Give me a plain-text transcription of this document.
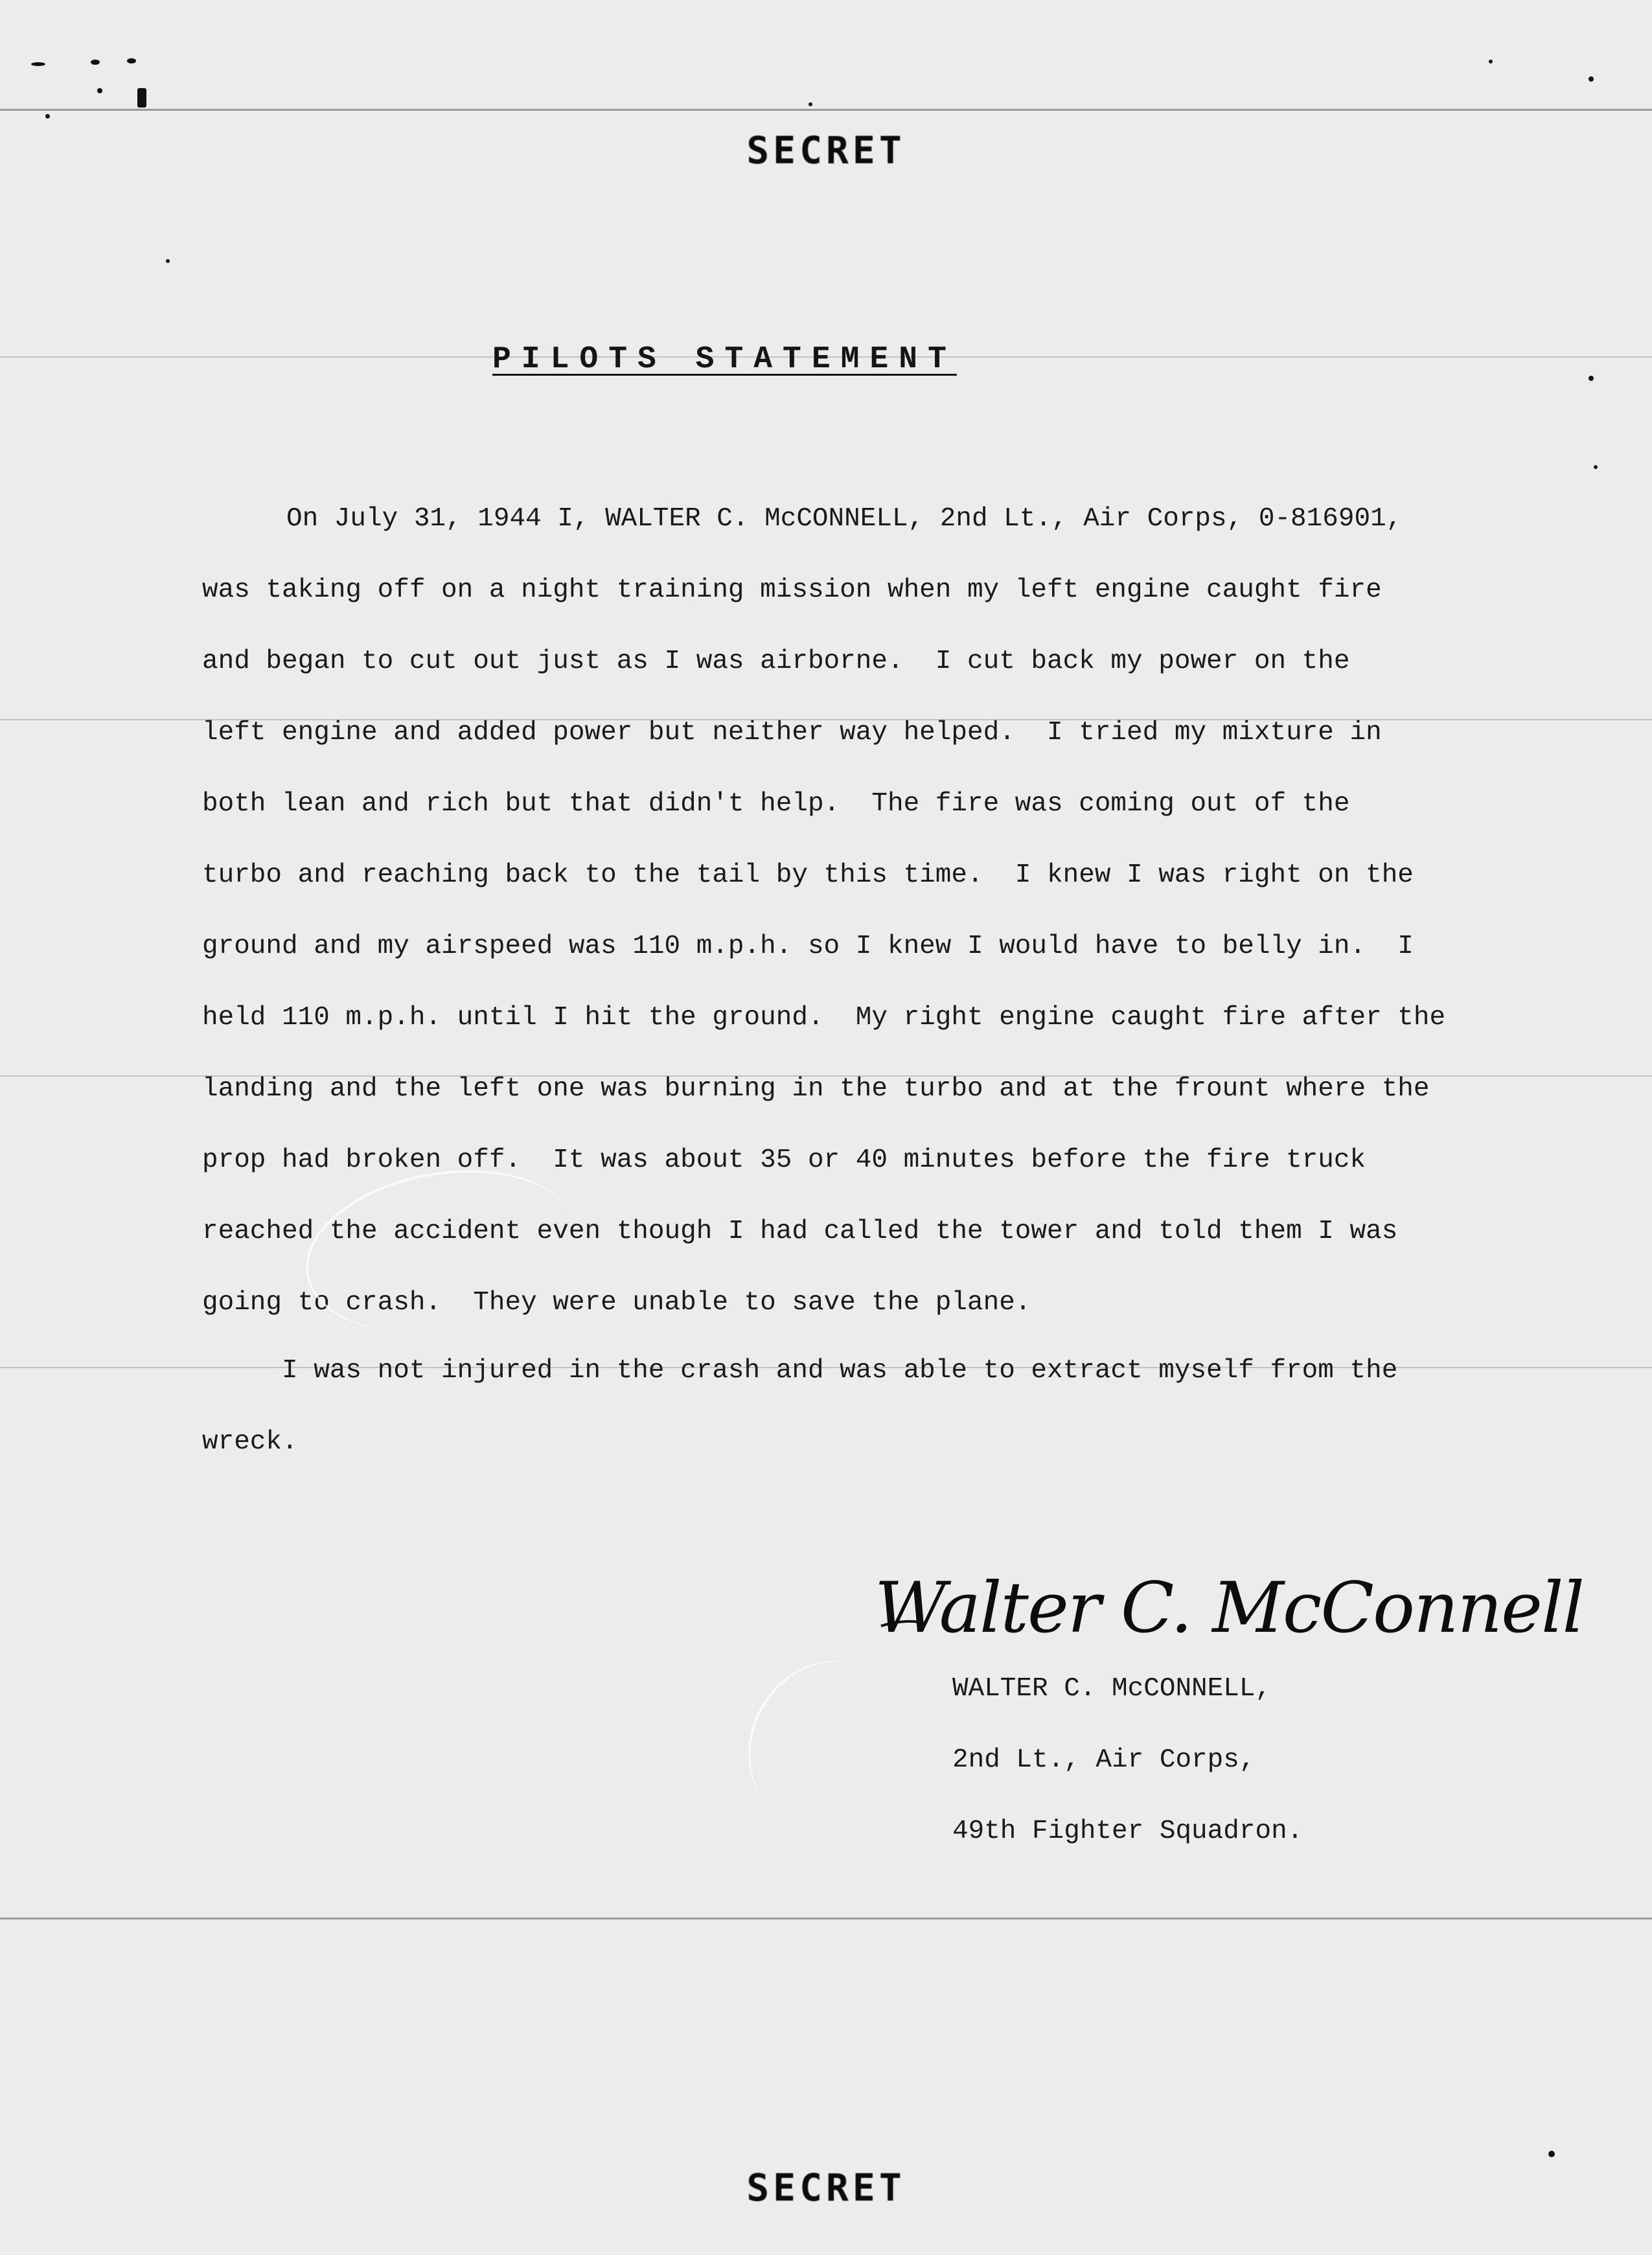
SECRET
PILOTS STATEMENT
On July 31, 1944 I, WALTER C. McCONNELL, 2nd Lt., Air Corps, 0-816901,
was taking off on a night training mission when my left engine caught fire
and began to cut out just as I was airborne.  I cut back my power on the
left engine and added power but neither way helped.  I tried my mixture in
both lean and rich but that didn't help.  The fire was coming out of the
turbo and reaching back to the tail by this time.  I knew I was right on the
ground and my airspeed was 110 m.p.h. so I knew I would have to belly in.  I
held 110 m.p.h. until I hit the ground.  My right engine caught fire after the
landing and the left one was burning in the turbo and at the frount where the
prop had broken off.  It was about 35 or 40 minutes before the fire truck
reached the accident even though I had called the tower and told them I was
going to crash.  They were unable to save the plane.
I was not injured in the crash and was able to extract myself from the
wreck.
Walter C. McConnell
WALTER C. McCONNELL,
2nd Lt., Air Corps,
49th Fighter Squadron.
SECRET
